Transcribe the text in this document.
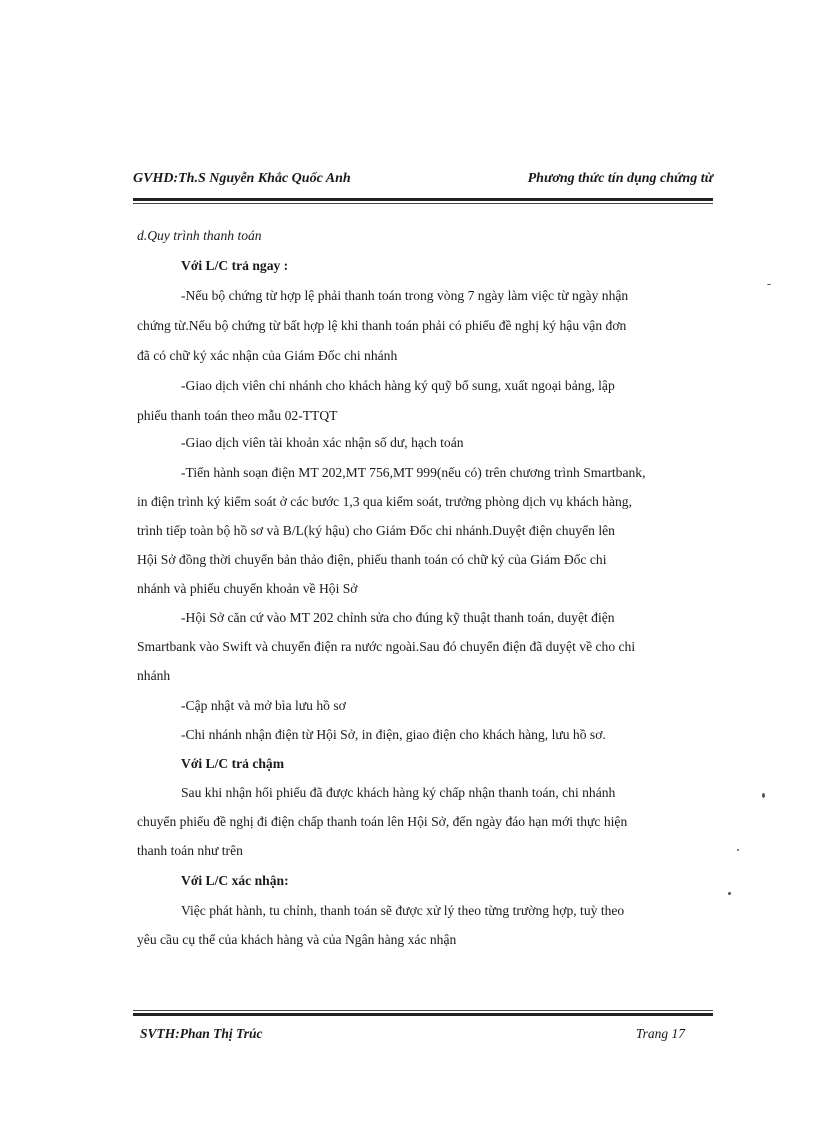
GVHD:Th.S Nguyễn Khắc Quốc Anh	Phương thức tín dụng chứng từ
d.Quy trình thanh toán
Với L/C trả ngay :
-Nếu bộ chứng từ hợp lệ phải thanh toán trong vòng 7 ngày làm việc từ ngày nhận
chứng từ.Nếu bộ chứng từ bất hợp lệ khi thanh toán phải có phiếu đề nghị ký hậu vận đơn
đã có chữ ký xác nhận của Giám Đốc chi nhánh
-Giao dịch viên chi nhánh cho khách hàng ký quỹ bổ sung, xuất ngoại bảng, lập
phiếu thanh toán theo mẫu 02-TTQT
-Giao dịch viên tài khoản xác nhận số dư, hạch toán
-Tiến hành soạn điện MT 202,MT 756,MT 999(nếu có) trên chương trình Smartbank,
in điện trình ký kiểm soát ở các bước 1,3 qua kiểm soát, trưởng phòng dịch vụ khách hàng,
trình tiếp toàn bộ hồ sơ và B/L(ký hậu) cho Giám Đốc chi nhánh.Duyệt điện chuyển lên
Hội Sở đồng thời chuyển bản thảo điện, phiếu thanh toán có chữ ký của Giám Đốc chi
nhánh và phiếu chuyển khoản về Hội Sở
-Hội Sở căn cứ vào MT 202 chỉnh sửa cho đúng kỹ thuật thanh toán, duyệt điện
Smartbank vào Swift và chuyển điện ra nước ngoài.Sau đó chuyển điện đã duyệt về cho chi
nhánh
-Cập nhật và mở bìa lưu hồ sơ
-Chi nhánh nhận điện từ Hội Sở, in điện, giao điện cho khách hàng, lưu hồ sơ.
Với L/C trả chậm
Sau khi nhận hối phiếu đã được khách hàng ký chấp nhận thanh toán, chi nhánh
chuyển phiếu đề nghị đi điện chấp thanh toán lên Hội Sở, đến ngày đáo hạn mới thực hiện
thanh toán như trên
Với L/C xác nhận:
Việc phát hành, tu chỉnh, thanh toán sẽ được xử lý theo từng trường hợp, tuỳ theo
yêu cầu cụ thể của khách hàng và của Ngân hàng xác nhận
SVTH:Phan Thị Trúc	Trang 17
